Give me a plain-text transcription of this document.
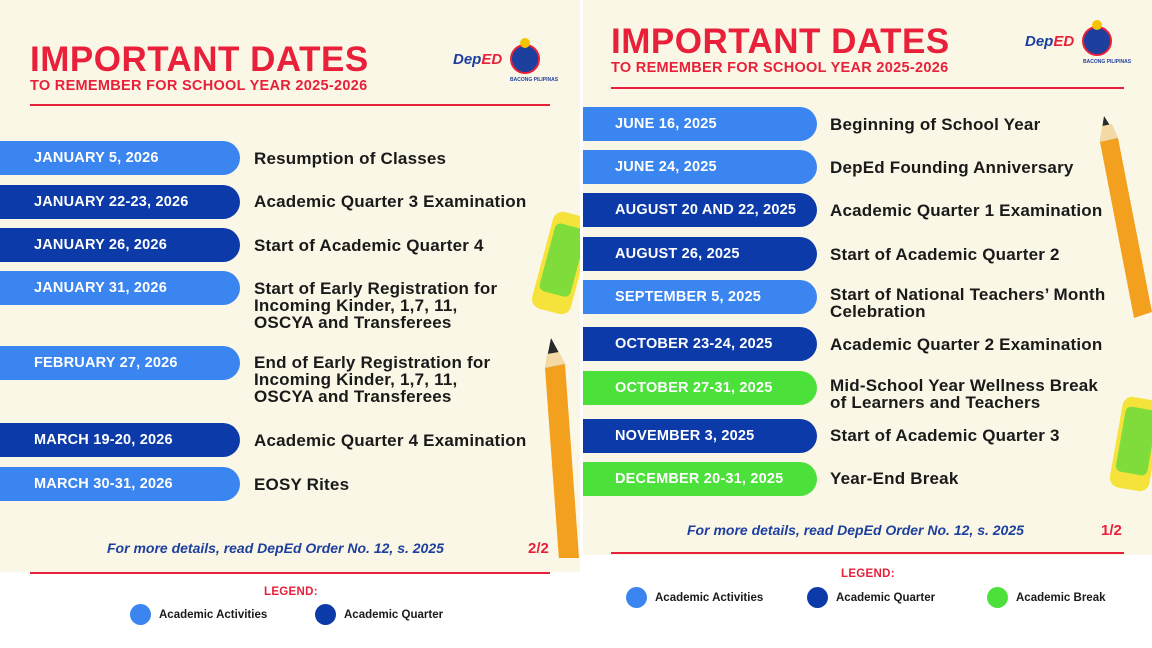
IMPORTANT DATES
TO REMEMBER FOR SCHOOL YEAR 2025-2026
DepED
BACONG PILIPINAS
JANUARY 5, 2026	Resumption of Classes
JANUARY 22-23, 2026	Academic Quarter 3 Examination
JANUARY 26, 2026	Start of Academic Quarter 4
JANUARY 31, 2026	Start of Early Registration for
Incoming Kinder, 1,7, 11,
OSCYA and Transferees
FEBRUARY 27, 2026	End of Early Registration for
Incoming Kinder, 1,7, 11,
OSCYA and Transferees
MARCH 19-20, 2026	Academic Quarter 4 Examination
MARCH 30-31, 2026	EOSY Rites
For more details, read DepEd Order No. 12, s. 2025	2/2
LEGEND:
Academic Activities	Academic Quarter
IMPORTANT DATES
TO REMEMBER FOR SCHOOL YEAR 2025-2026
DepED
BACONG PILIPINAS
JUNE 16, 2025	Beginning of School Year
JUNE 24, 2025	DepEd Founding Anniversary
AUGUST 20 AND 22, 2025	Academic Quarter 1 Examination
AUGUST 26, 2025	Start of Academic Quarter 2
SEPTEMBER 5, 2025	Start of National Teachers’ Month
Celebration
OCTOBER 23-24, 2025	Academic Quarter 2 Examination
OCTOBER 27-31, 2025	Mid-School Year Wellness Break
of Learners and Teachers
NOVEMBER 3, 2025	Start of Academic Quarter 3
DECEMBER 20-31, 2025	Year-End Break
For more details, read DepEd Order No. 12, s. 2025	1/2
LEGEND:
Academic Activities	Academic Quarter	Academic Break
